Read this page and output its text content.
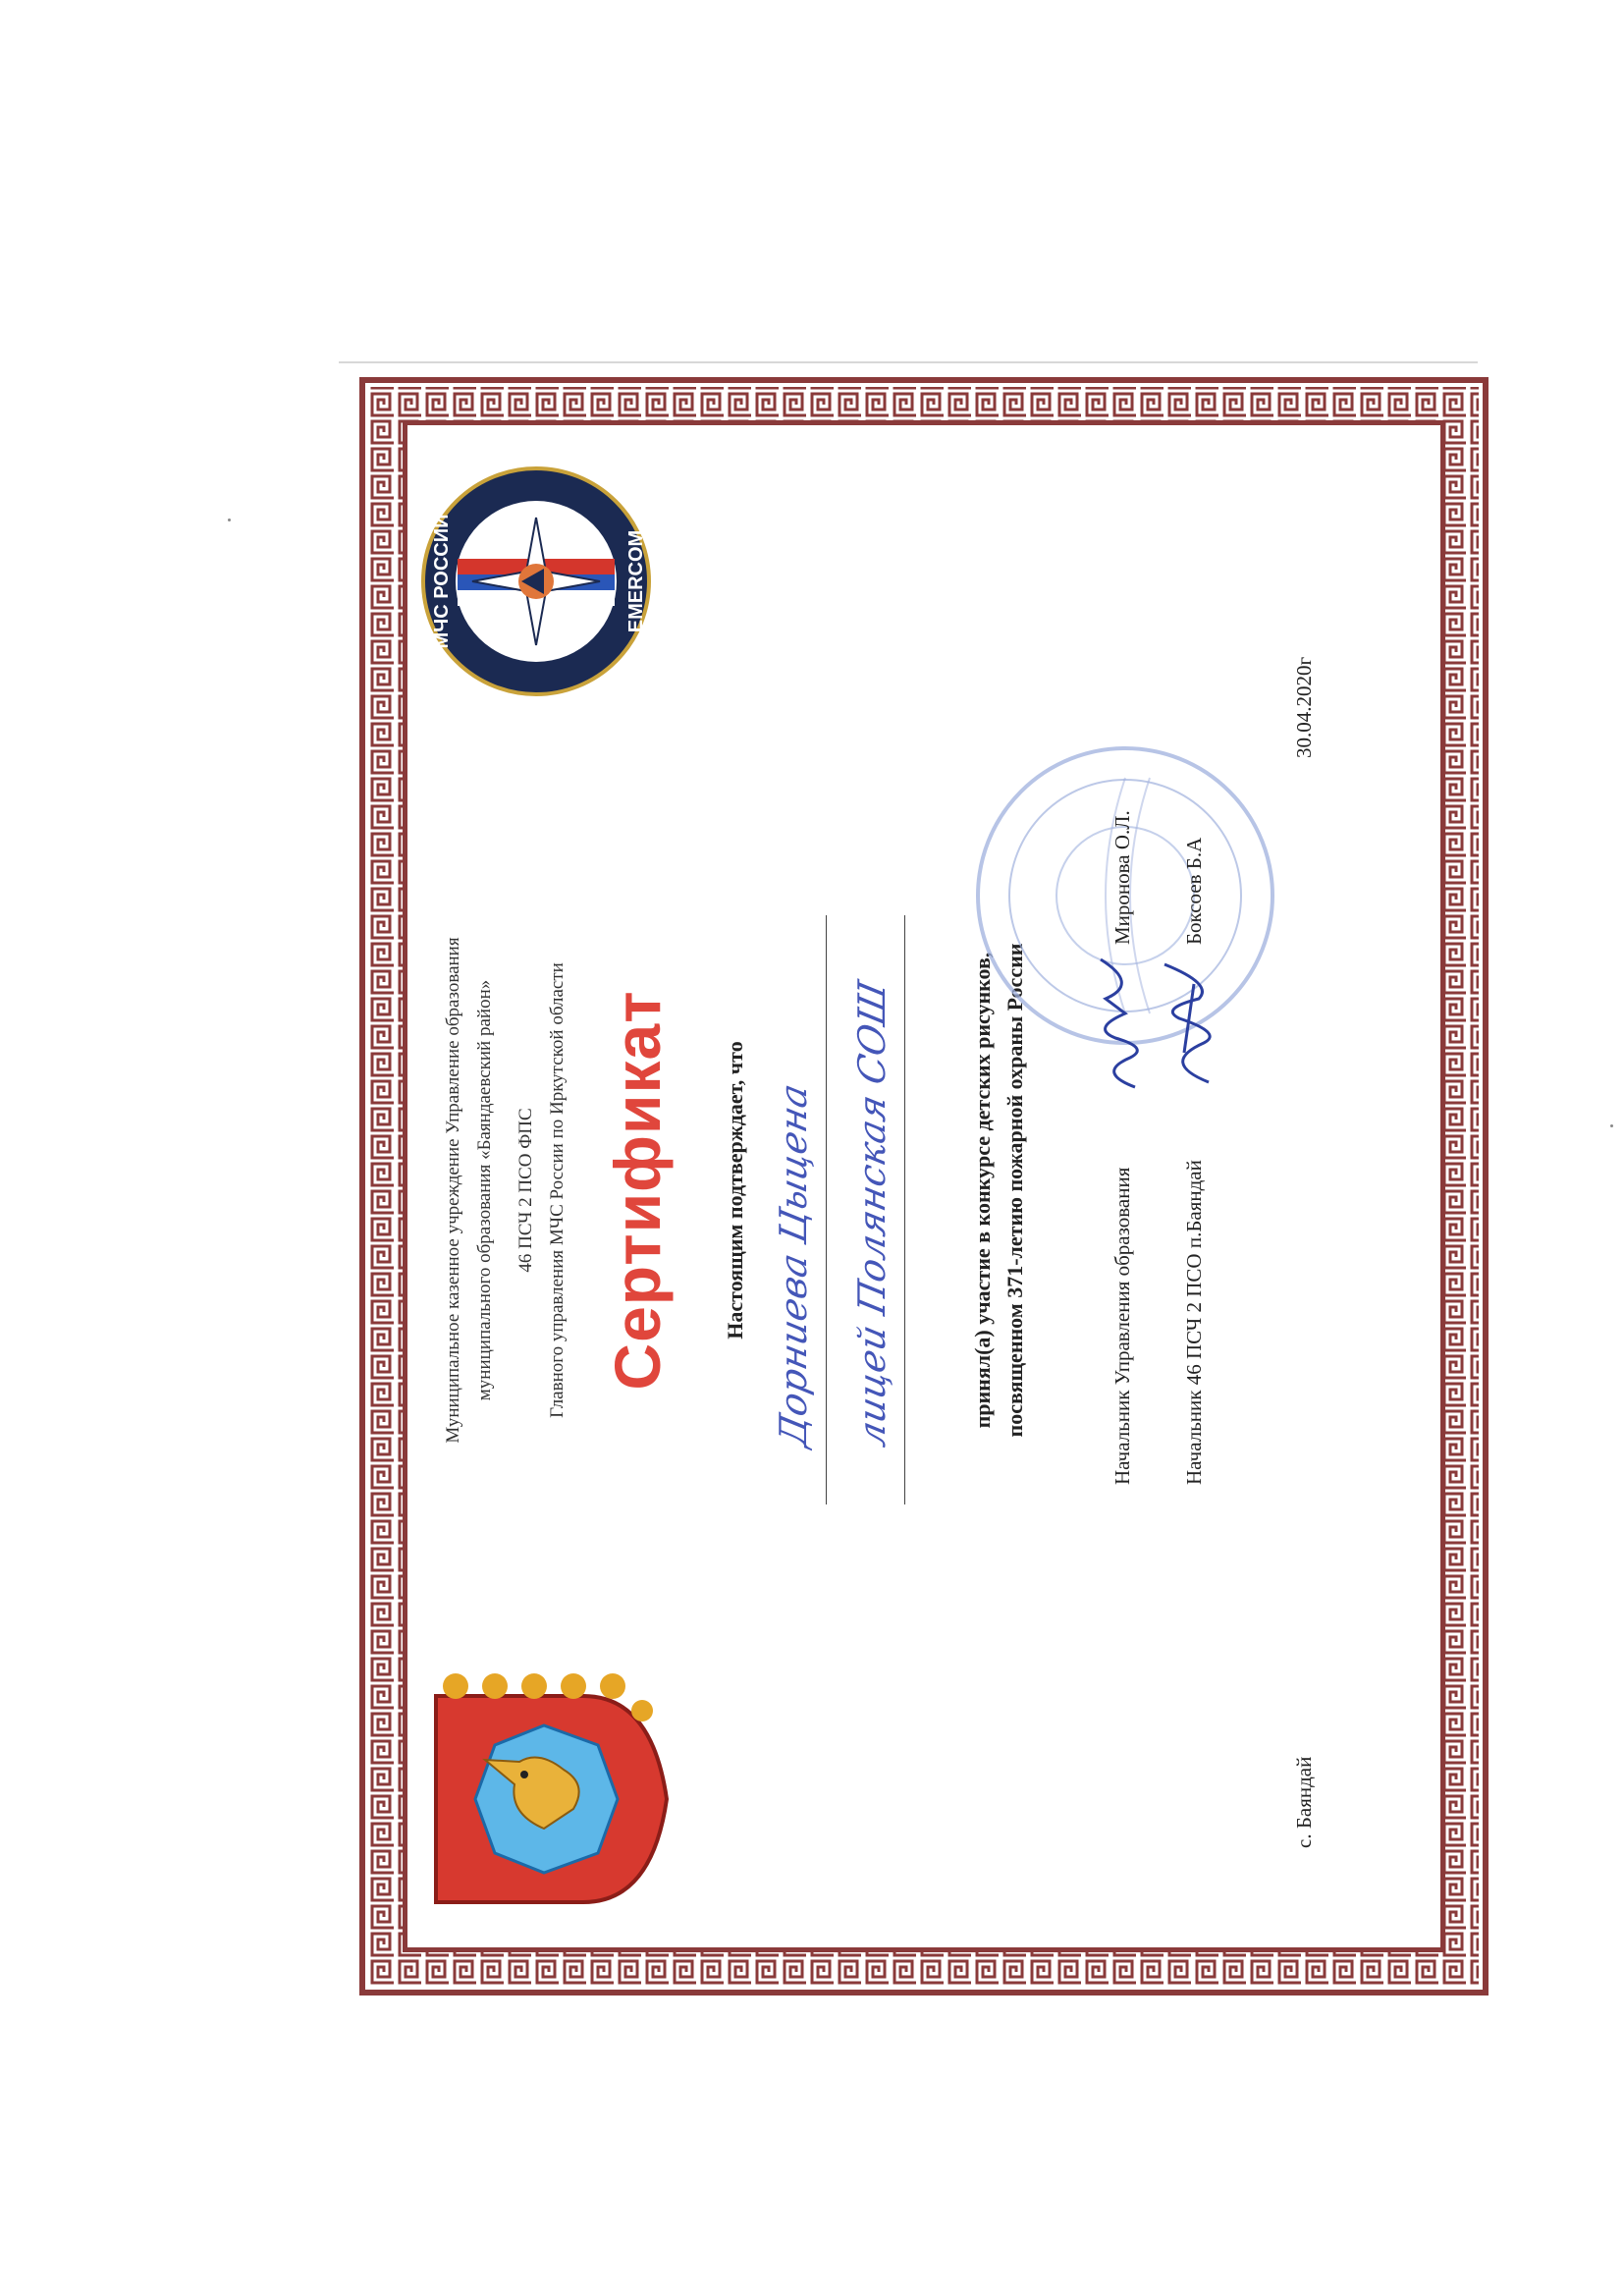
МЧС РОССИИ	EMERCOM
Муниципальное казенное учреждение Управление образования муниципального образования «Баяндаевский район»	46 ПСЧ 2 ПСО ФПС Главного управления МЧС России по Иркутской области Сертификат Настоящим подтверждает, что Дорниева Цыцена лицей Полянская СОШ	принял(а) участие в конкурсе детских рисунков, посвященном 371-летию пожарной охраны России	Начальник Управления образования
Миронова О.Л.
Начальник 46 ПСЧ 2 ПСО п.Баяндай
Боксоев Б.А
с. Баяндай
30.04.2020г
